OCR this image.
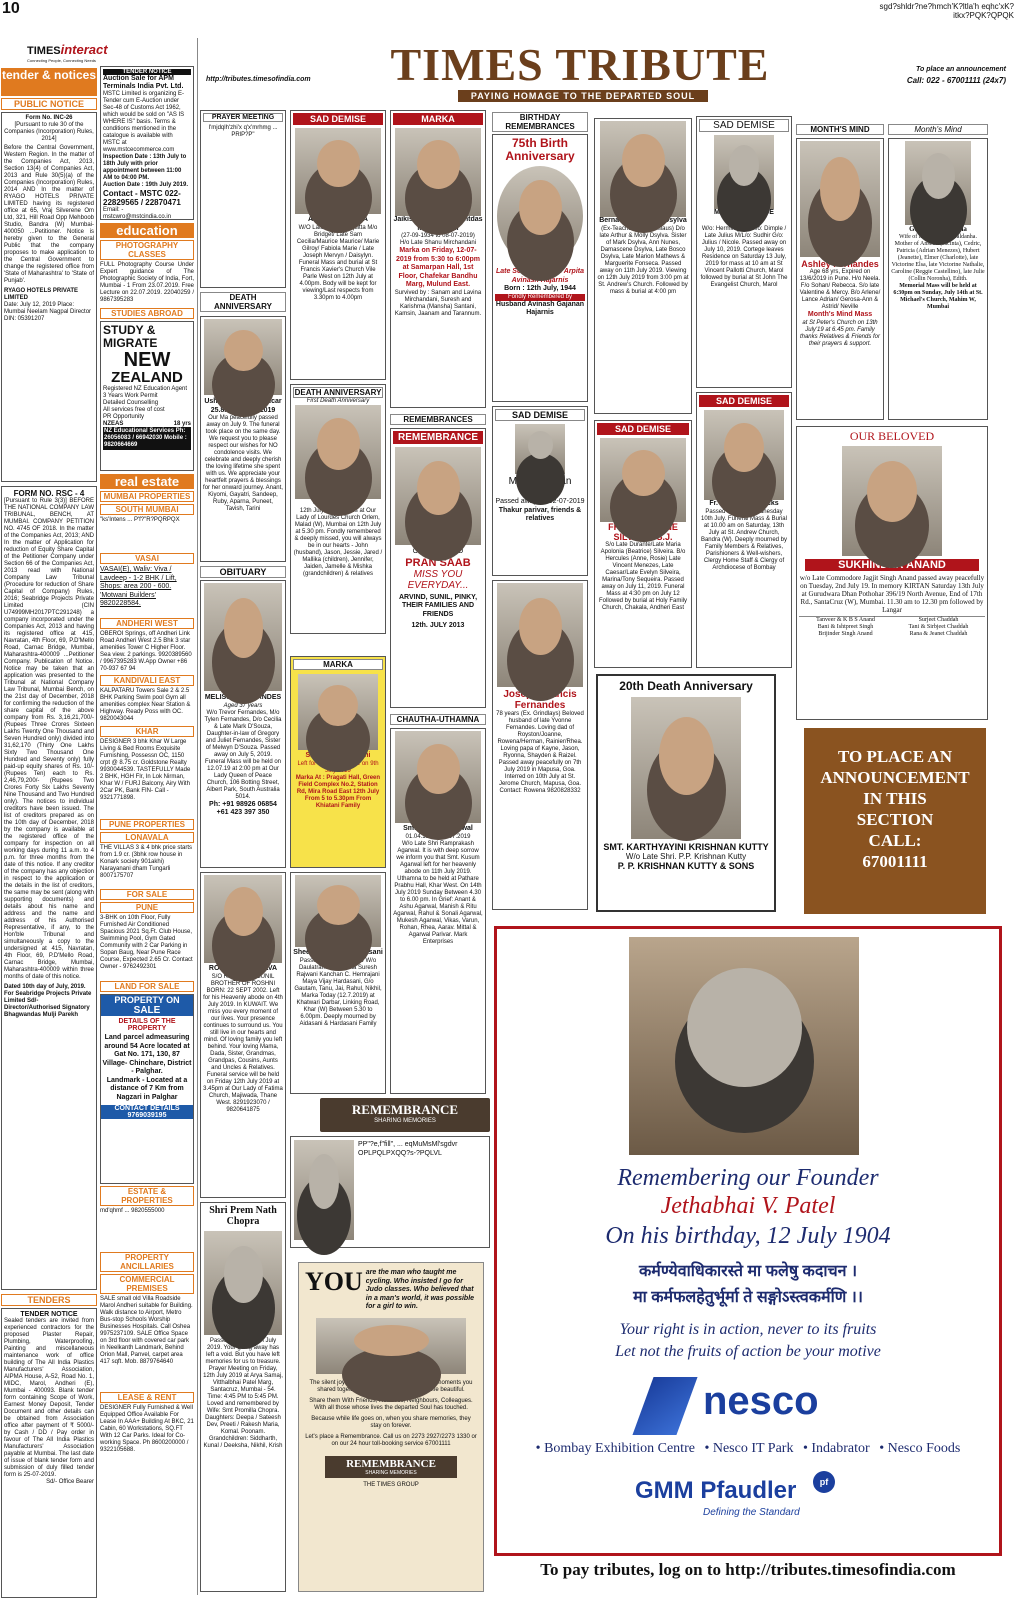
10	sgd?shldr?ne?hmch'K?ltla'h eqhc'xK?itkx?PQK?QPQK
TIMESinteract
Connecting People, Connecting Needs
tender & notices
PUBLIC NOTICE
Form No. INC-26
[Pursuant to rule 30 of the Companies (Incorporation) Rules, 2014]
Before the Central Government, Western Region. In the matter of the Companies Act, 2013, Section 13(4) of Companies Act, 2013 and Rule 30(5)(a) of the Companies (Incorporation) Rules, 2014 AND In the matter of RYAGO HOTELS PRIVATE LIMITED having its registered office at 65, Vraj Silverene Om Ltd, 321, Hill Road Opp Mehboob Studio, Bandra (W) Mumbai-400050 ...Petitioner. Notice is hereby given to the General Public that the company proposes to make application to the Central Government to change the registered office from 'State of Maharashtra' to 'State of Punjab'.
RYAGO HOTELS PRIVATE LIMITED
Date: July 12, 2019 Place: Mumbai Neelam Nagpal Director DIN: 05391207
FORM NO. RSC - 4
[Pursuant to Rule 3(3)] BEFORE THE NATIONAL COMPANY LAW TRIBUNAL, BENCH, AT MUMBAI. COMPANY PETITION NO. 4745 OF 2018. In the matter of the Companies Act, 2013; AND In the matter of Application for reduction of Equity Share Capital of the Petitioner Company under Section 66 of the Companies Act, 2013 read with National Company Law Tribunal (Procedure for reduction of Share Capital of Company) Rules, 2016; Seabridge Projects Private Limited (CIN U74999MH2017PTC291248) a company incorporated under the Companies Act, 2013 and having its registered office at 415, Navratan, 4th Floor, 69, P.D'Mello Road, Carnac Bridge, Mumbai, Maharashtra-400009 ...Petitioner Company. Publication of Notice. Notice may be taken that an application was presented to the Tribunal at National Company Law Tribunal, Mumbai Bench, on the 21st day of December, 2018 for confirming the reduction of the share capital of the above company from Rs. 3,16,21,700/- (Rupees Three Crores Sixteen Lakhs Twenty One Thousand and Seven Hundred only) divided into 31,62,170 (Thirty One Lakhs Sixty Two Thousand One Hundred and Seventy only) fully paid-up equity shares of Rs. 10/- (Rupees Ten) each to Rs. 2,46,79,200/- (Rupees Two Crores Forty Six Lakhs Seventy Nine Thousand and Two Hundred only). The notices to individual creditors have been issued. The list of creditors prepared as on the 10th day of December, 2018 by the company is available at the registered office of the company for inspection on all working days during 11 a.m. to 4 p.m. for three months from the date of this notice. If any creditor of the company has any objection in respect to the application or the details in the list of creditors, the same may be sent (along with supporting documents) and details about his name and address and the name and address of his Authorised Representative, if any, to the Hon'ble Tribunal and simultaneously a copy to the undersigned at 415, Navratan, 4th Floor, 69, P.D'Mello Road, Carnac Bridge, Mumbai, Maharashtra-400009 within three months of date of this notice.
Dated 10th day of July, 2019. For Seabridge Projects Private Limited Sd/- Director/Authorised Signatory Bhagwandas Mulji Parekh
TENDERS
TENDER NOTICE
Sealed tenders are invited from experienced contractors for the proposed Plaster Repair, Plumbing, Waterproofing, Painting and miscellaneous maintenance work of office building of The All India Plastics Manufacturers' Association, AIPMA House, A-52, Road No. 1, MIDC, Marol, Andheri (E), Mumbai - 400093. Blank tender form containing Scope of Work, Earnest Money Deposit, Tender Document and other details can be obtained from Association office after payment of ₹ 5000/- by Cash / DD / Pay order in favour of The All India Plastics Manufacturers' Association payable at Mumbai. The last date of issue of blank tender form and submission of duly filled tender form is 25-07-2019.
Sd/- Office Bearer
TENDER NOTICE
Auction Sale for APM Terminals India Pvt. Ltd.
MSTC Limited is organizing E-Tender cum E-Auction under Sec-48 of Customs Act 1962, which would be sold on "AS IS WHERE IS" basis. Terms & conditions mentioned in the catalogue is available with MSTC at www.mstcecommerce.com
Inspection Date : 13th July to 18th July with prior appointment between 11:00 AM to 04:00 PM.
Auction Date : 19th July 2019.
Contact - MSTC 022-22829565 / 22870471
Email: - mstcwro@mstcindia.co.in
education
PHOTOGRAPHY CLASSES
FULL Photography Course Under Expert guidance of The Photographic Society of India, Fort, Mumbai - 1 From 23.07.2019. Free Lecture on 22.07.2019. 22040259 / 9867395283
STUDIES ABROAD
STUDY & MIGRATE
NEW
ZEALAND
Registered NZ Education Agent
3 Years Work Permit
Detailed Counselling
All services free of cost
PR Opportunity
NZEAS	18 yrs
NZ Educational Services Ph: 26056083 / 66942030 Mobile : 9820664669
real estate
MUMBAI PROPERTIES
SOUTH MUMBAI
"ks'Intens ... P'f?"R?PQRPQX
VASAI
VASAI(E), Waliv: Viva / Lavdeep - 1-2 BHK / Lift, Shops: area 200 - 600. 'Motwani Builders' 9820228584.
ANDHERI WEST
OBEROI Springs, off Andheri Link Road Andheri West 2.5 Bhk 3 star amenities Tower C Higher Floor. Sea view. 2 parkings. 9920389560 / 9967395283 W.App Owner +86 70-937 67 94
KANDIVALI EAST
KALPATARU Towers Sale 2 & 2.5 BHK Parking Swim pool Gym all amenities complex Near Station & Highway. Ready Poss with OC. 9820043044
KHAR
DESIGNER 3 bhk Khar W Large Living & Bed Rooms Exquisite Furnishing, Possessn OC, 1150 crpt @ 8.75 cr. Goldstone Realty 9930044539. TASTEFULLY Made 2 BHK, HGH Flr, In Lok Nirman, Khar W / FURJ Balcony, Airy With 2Car PK, Bank FIN- Call - 9321771898.
PUNE PROPERTIES
LONAVALA
THE VILLAS 3 & 4 bhk price starts from 1.9 cr. (3bhk row house in Konark society 901akhi) Narayanani dham Tungarli 8007175707
FOR SALE
PUNE
3-BHK on 10th Floor, Fully Furnished Air Conditioned Spacious 2021 Sq.Ft. Club House, Swimming Pool, Gym Gated Community with 2 Car Parking in Sopan Baug, Near Pune Race Course, Expected 2.65 Cr. Contact Owner - 9762492301
LAND FOR SALE
PROPERTY ON
SALE
DETAILS OF THE PROPERTY
Land parcel admeasuring around 54 Acre located at Gat No. 171, 130, 87
Village- Chincharе, District - Palghar.
Landmark - Located at a distance of 7 Km from Nagzari in Palghar
CONTACT DETAILS 9769039195
ESTATE & PROPERTIES
md'qhmf ... 9820555000
PROPERTY ANCILLARIES
COMMERCIAL PREMISES
SALE small old Villa Roadside Marol Andheri suitable for Building. Walk distance to Airport, Metro Bus-stop Schools Worship Businesses Hospitals. Call Oshea 9975237109. SALE Office Space on 3rd floor with covered car park in Neelkanth Landmark, Behind Orion Mall, Panvel, carpet area 417 sqft. Mob. 8879764640
LEASE & RENT
DESIGNER Fully Furnished & Well Equipped Office Available For Lease In AAA+ Building At BKC, 21 Cabin, 60 Workstations, SQ.FT With 12 Car Parks. Ideal for Co-working Space. Ph 8600200000 / 9322105688.
TIMES TRIBUTE
PAYING HOMAGE TO THE DEPARTED SOUL
http://tributes.timesofindia.com
To place an announcement
Call: 022 - 67001111 (24x7)
PRAYER MEETING
I'mjdqlh'zhi'x q'x'mrhmg ... PRlP?P"
DEATH ANNIVERSARY
Usha Jaivant Talaulicar
25.8.1936 - 9.7.2019
Our Ma peacefully passed away on July 9. The funeral took place on the same day. We request you to please respect our wishes for NO condolence visits. We celebrate and deeply cherish the loving lifetime she spent with us. We appreciate your heartfelt prayers & blessings for her onward journey. Anant, Kiyomi, Gayatri, Sandeep, Ruby, Aparna, Puneet, Tavish, Tarini
OBITUARY
MELISSA FERNANDES
Aged 37 years
W/o Trevor Fernandes, M/o Tylen Fernandes, D/o Cecilia & Late Mark D'Souza, Daughter-in-law of Gregory and Juliet Fernandes, Sister of Melwyn D'Souza. Passed away on July 5, 2019. Funeral Mass will be held on 12.07.19 at 2:00 pm at Our Lady Queen of Peace Church, 106 Botting Street, Albert Park, South Australia 5014.
Ph: +91 98926 06854 +61 423 397 350
ROHAN SUNIL ALVA
S/O RENILDA & SUNIL BROTHER OF ROSHNI BORN: 22 SEPT 2002. Left for his Heavenly abode on 4th July 2019. In KUWAIT. We miss you every moment of our lives. Your presence continues to surround us. You still live in our hearts and mind. Of loving family you left behind. Your loving Mama, Dada, Sister, Grandmas, Grandpas, Cousins, Aunts and Uncles & Relatives. Funeral service will be held on Friday 12th July 2019 at 3.45pm at Our Lady of Fatima Church, Majiwada, Thane West. 8291923070 / 9820641875
Shri Prem Nath Chopra
Passed away on 9th July 2019. Your going away has left a void. But you have left memories for us to treasure. Prayer Meeting on Friday, 12th July 2019 at Arya Samaj, Vitthalbhai Patel Marg, Santacruz, Mumbai - 54. Time: 4:45 PM to 5:45 PM. Loved and remembered by Wife: Smt Promilla Chopra. Daughters: Deepa / Sateesh Dev, Preeti / Rakesh Maria, Komal. Poonam. Grandchildren: Siddharth, Kunal / Deeksha, Nikhil, Krish
SAD DEMISE
ANNA MISQUITTA
W/O Late Peter Misquitta M/o Bridget/ Late Sam Cecilia/Maurice Maurice/ Marie Gilroy/ Fabiola Marie / Late Joseph Mervyn / Daisylyn. Funeral Mass and burial at St Francis Xavier's Church Vile Parle West on 12th July at 4.00pm. Body will be kept for viewing/Last respects from 3.30pm to 4.00pm
DEATH ANNIVERSARY
First Death Anniversary
Judith Martires
12th July, 2019. Mass at Our Lady of Lourdes Church Orlem, Malad (W), Mumbai on 12th July at 5.30 pm. Fondly remembered & deeply missed, you will always be in our hearts - John (husband), Jason, Jessie, Jared / Mallika (children), Jennifer, Jaiden, Jamelle & Mishka (grandchildren) & relatives
MARKA
Smt. Hoori Khiatani
Left for heavenly abode on 9th July 2019
Marka At : Pragati Hall, Green Field Complex No.2, Station Rd, Mira Road East 12th July From 5 to 5.30pm From Khiatani Family
Sheela Daulatram Aidasani
Passed away 10.7.2019 W/o Daulatram M/o Geeta Suresh Rajwani Kanchan C. Hemrajani Maya Vijay Hardasani, G/o Gautam, Tanu, Jai, Rahul, Nikhil, Marka Today (12.7.2019) at Khatwari Darbar, Linking Road, Khar (W) Between 5.30 to 6.00pm. Deeply mourned by Aidasani & Hardasani Family
MARKA
Jaikishan (Jackie) Santdas Mirchandani
(27-09-1934 to 08-07-2019)
H/o Late Shanu Mirchandani
Marka on Friday, 12-07-2019 from 5:30 to 6:00pm at Samarpan Hall, 1st Floor, Chafekar Bandhu Marg, Mulund East.
Survived by : Sanam and Lavina Mirchandani, Suresh and Karishma (Mansha) Santani, Kamsin, Jaanam and Tarannum.
REMEMBRANCES
REMEMBRANCE
OUR BELOVED
PRAN SAAB
MISS YOU EVERYDAY...
ARVIND, SUNIL, PINKY, THEIR FAMILIES AND FRIENDS
12th. JULY 2013
CHAUTHA-UTHAMNA
Smt. Kusum Agarwal
01.04.1945 - 11.07.2019
W/o Late Shri Ramprakash Agarwal. It is with deep sorrow we inform you that Smt. Kusum Agarwal left for her heavenly abode on 11th July 2019. Uthamna to be held at Pathare Prabhu Hall, Khar West. On 14th July 2019 Sunday Between 4.30 to 6.00 pm. In Grief: Anant & Ashu Agarwal, Manish & Ritu Agarwal, Rahul & Sonali Agarwal, Mukesh Agarwal, Vikas, Varun, Rohan, Rhea, Aarav. Mittal & Agarwal Parivar. Mark Enterprises
BIRTHDAY REMEMBRANCES
75th Birth Anniversary
Late Soubhagyavati Arpita Avinash Hajarnis
Born : 12th July, 1944
Fondly Remembered by
Husband Avinash Gajanan Hajarnis
SAD DEMISE
Mr. Lakshman Thakur
Passed away on 02-07-2019
Thakur parivar, friends & relatives
Joseph Francis Fernandes
78 years (Ex. Grindlays) Beloved husband of late Yvonne Fernandes. Loving dad of Royston/Joanne, Rowena/Herman, Rainier/Rhea. Loving papa of Kayne, Jason, Ryonna, Shayden & Raizel. Passed away peacefully on 7th July 2019 in Mapusa, Goa. Interred on 10th July at St. Jerome Church, Mapusa, Goa. Contact: Rowena 9820828332
Bernadette (Berna) Dsylva
(Ex-Teacher St. Stanislaus) D/o late Arthur & Molly Dsylva. Sister of Mark Dsylva, Ann Nunes, Damascene Dsylva, Late Bosco Dsylva, Late Marion Mathews & Marguerite Fonseca. Passed away on 11th July 2019. Viewing on 12th July 2019 from 3:00 pm at St. Andrew's Church. Followed by mass & burial at 4:00 pm
SAD DEMISE
FR. AUGUSTINE SILVEIRA S.J.
S/o Late Durante/Late Maria Apolonia (Beatrice) Silveira. B/o Hercules (Anne, Rosie) Late Vincent Menezes, Late Caesar/Late Evelyn Silveira, Marina/Tony Sequeira. Passed away on July 11, 2019. Funeral Mass at 4:30 pm on July 12 Followed by burial at Holy Family Church, Chakala, Andheri East
SAD DEMISE
Mrs. ESPERANCE MORAES
W/o: Herminigildo M/o: Dimple / Late Julius M/L/o: Sudhir G/o: Julius / Nicole. Passed away on July 10, 2019. Cortege leaves Residence on Saturday 13 July, 2019 for mass at 10 am at St Vincent Pallotti Church, Marol followed by burial at St John The Evangelist Church, Marol
SAD DEMISE
Fr. Bernard Rodricks
Passed away on Wednesday 10th July. Funeral Mass & Burial at 10.00 am on Saturday, 13th July at St. Andrew Church, Bandra (W). Deeply mourned by Family Members & Relatives, Parishioners & Well-wishers, Clergy Home Staff & Clergy of Archdiocese of Bombay
MONTH'S MIND
Ashley Fernandes
Age 68 yrs, Expired on 13/6/2019 in Pune. H/o Neela. F/o Sohan/ Rebecca. S/o late Valentine & Mercy. B/o Arlene/ Lance Adrian/ Gerosa-Ann & Astrid/ Neville
Month's Mind Mass
at St Peter's Church on 13th July'19 at 6.45 pm. Family thanks Relatives & Friends for their prayers & support.
Month's Mind
Gertrude Saldanha
Wife of late Maxim P. Saldanha. Mother of Anselm (Jacinta), Cedric, Patricia (Adrian Menezes), Hubert (Jeanette), Elmer (Charlotte), late Victorine Elsa, late Victorine Nathalie, Caroline (Reggie Castellino), late Julie (Collin Noronha), Edith.
Memorial Mass will be held at 6:30pm on Sunday, July 14th at St. Michael's Church, Mahim W, Mumbai
OUR BELOVED
SUKHINDER ANAND
w/o Late Commodore Jagjit Singh Anand passed away peacefully on Tuesday, 2nd July 19. In memory KIRTAN Saturday 13th July at Gurudwara Dhan Pothohar 396/19 North Avenue, End of 17th Rd., SantaCruz (W), Mumbai. 11.30 am to 12.30 pm followed by Langar
Tanveer & K B S Anand	Surjeet Chaddah
Bani & Ishtpreet Singh	Tani & Sirbjeet Chaddah
Brijinder Singh Anand	Rana & Jeanet Chaddah
20th Death Anniversary
SMT. KARTHYAYINI KRISHNAN KUTTY
W/o Late Shri. P.P. Krishnan Kutty
P. P. KRISHNAN KUTTY & SONS
TO PLACE AN
ANNOUNCEMENT
IN THIS
SECTION
CALL:
67001111
REMEMBRANCE
SHARING MEMORIES
PP"?e,f"fill", ... eqMuMsMl'sgdvr OPLPQLPXQQ?s-?PQLVL
YOU are the man who taught me cycling. Who insisted I go for Judo classes. Who believed that in a man's world, it was possible for a girl to win.
The silent joy of remembering a loved one. The moments you shared together. Little moments that make life beautiful.
Share them With Friends, Relatives, Neighbours, Colleagues. With all those whose lives the departed Soul has touched.
Because while life goes on, when you share memories, they stay on forever.
Let's place a Remembrance. Call us on 2273 2927/2273 1330 or on our 24 hour toll-booking service 67001111
REMEMBRANCE
SHARING MEMORIES
THE TIMES GROUP
Remembering our Founder
Jethabhai V. Patel
On his birthday, 12 July 1904
कर्मण्येवाधिकारस्ते मा फलेषु कदाचन ।
मा कर्मफलहेतुर्भूर्मा ते सङ्गोऽस्त्वकर्मणि ।।
Your right is in action, never to its fruits
Let not the fruits of action be your motive
nesco
• Bombay Exhibition Centre • Nesco IT Park • Indabrator • Nesco Foods
GMM Pfaudler	pf
Defining the Standard
To pay tributes, log on to http://tributes.timesofindia.com
